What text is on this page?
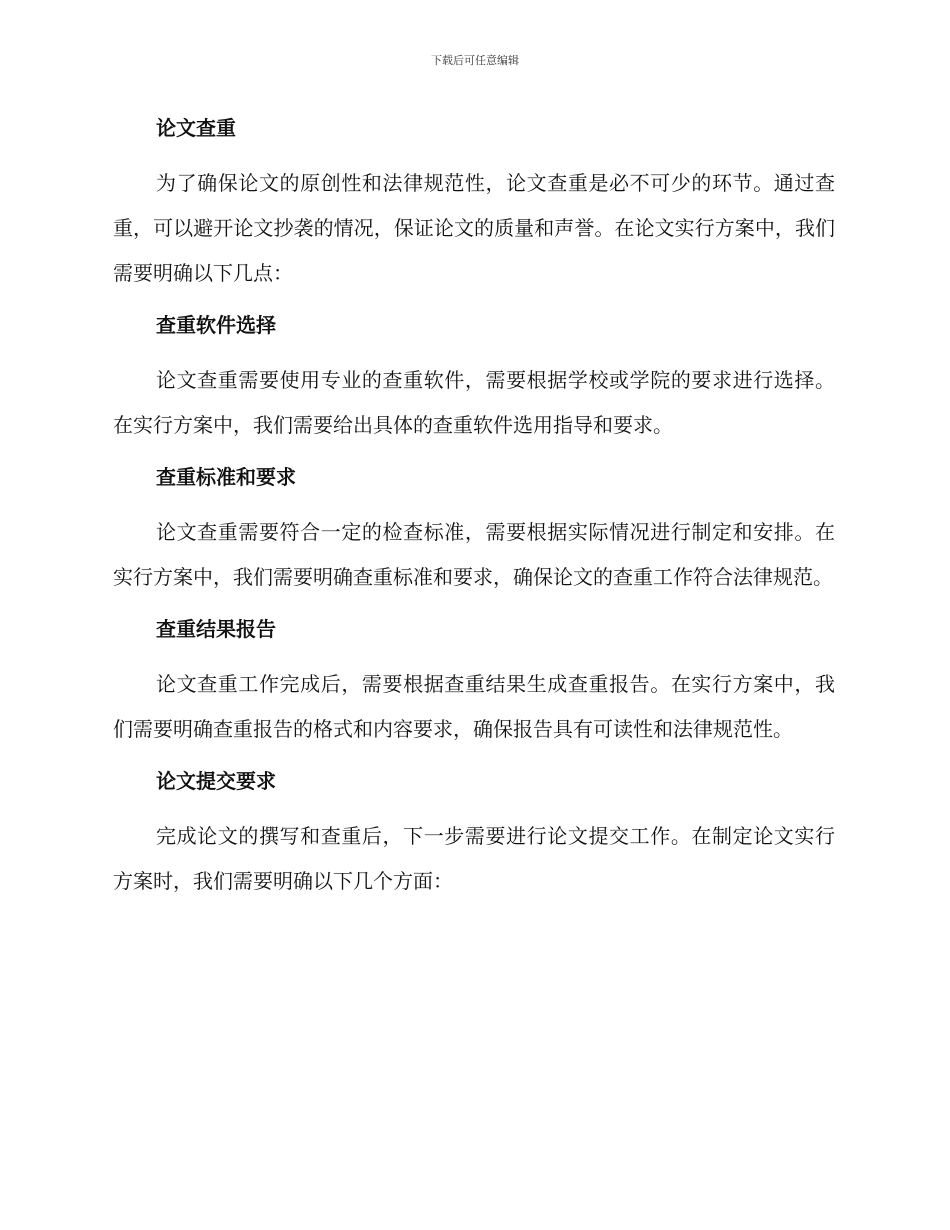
下载后可任意编辑
论文查重

为了确保论文的原创性和法律规范性，论文查重是必不可少的环节。通过查重，可以避开论文抄袭的情况，保证论文的质量和声誉。在论文实行方案中，我们需要明确以下几点：

查重软件选择

论文查重需要使用专业的查重软件，需要根据学校或学院的要求进行选择。在实行方案中，我们需要给出具体的查重软件选用指导和要求。

查重标准和要求

论文查重需要符合一定的检查标准，需要根据实际情况进行制定和安排。在实行方案中，我们需要明确查重标准和要求，确保论文的查重工作符合法律规范。

查重结果报告

论文查重工作完成后，需要根据查重结果生成查重报告。在实行方案中，我们需要明确查重报告的格式和内容要求，确保报告具有可读性和法律规范性。

论文提交要求

完成论文的撰写和查重后，下一步需要进行论文提交工作。在制定论文实行方案时，我们需要明确以下几个方面：
